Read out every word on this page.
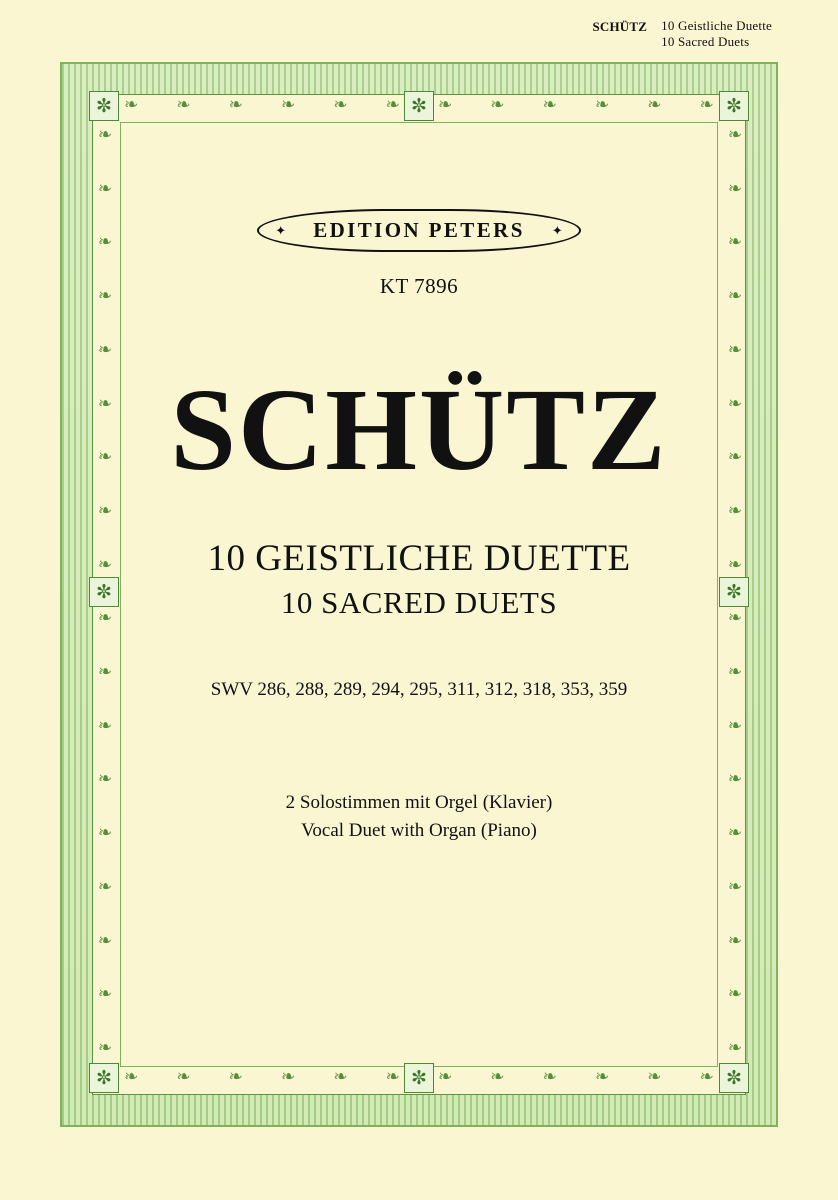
SCHÜTZ 10 Geistliche Duette
10 Sacred Duets
❧ ❧ ❧ ❧ ❧ ❧ ❧ ❧ ❧ ❧ ❧ ❧
❧ ❧ ❧ ❧ ❧ ❧ ❧ ❧ ❧ ❧ ❧ ❧
❧
❧
❧
❧
❧
❧
❧
❧
❧
❧
❧
❧
❧
❧
❧
❧
❧
❧
❧
❧
❧
❧
❧
❧
❧
❧
❧
❧
❧
❧
❧
❧
❧
❧
❧
❧
✼
✼
✼
✼
✼
✼
✼
✼
✦ EDITION PETERS
✦
KT 7896
SCHÜTZ
10 GEISTLICHE DUETTE
10 SACRED DUETS
SWV 286, 288, 289, 294, 295, 311, 312, 318, 353, 359
2 Solostimmen mit Orgel (Klavier)
Vocal Duet with Organ (Piano)
